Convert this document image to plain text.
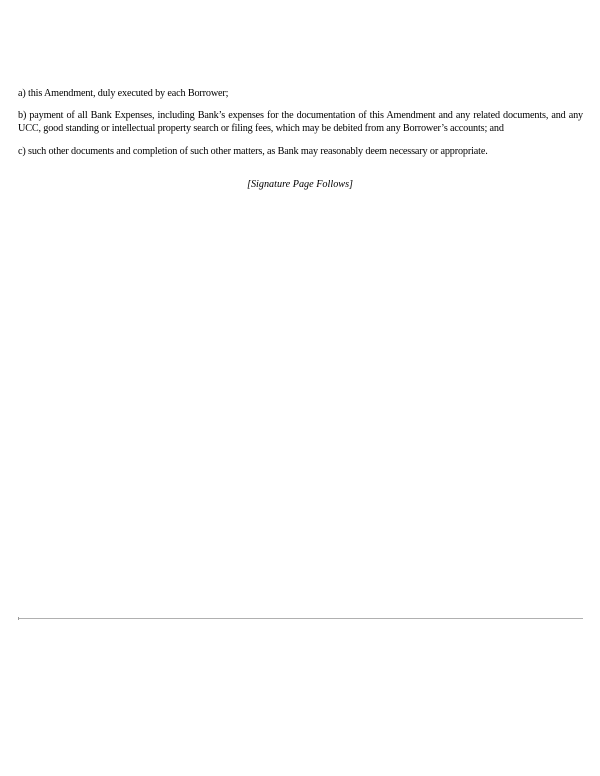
a) this Amendment, duly executed by each Borrower;

b) payment of all Bank Expenses, including Bank’s expenses for the documentation of this Amendment and any related documents, and any UCC, good standing or intellectual property search or filing fees, which may be debited from any Borrower’s accounts; and

c) such other documents and completion of such other matters, as Bank may reasonably deem necessary or appropriate.

[Signature Page Follows]
